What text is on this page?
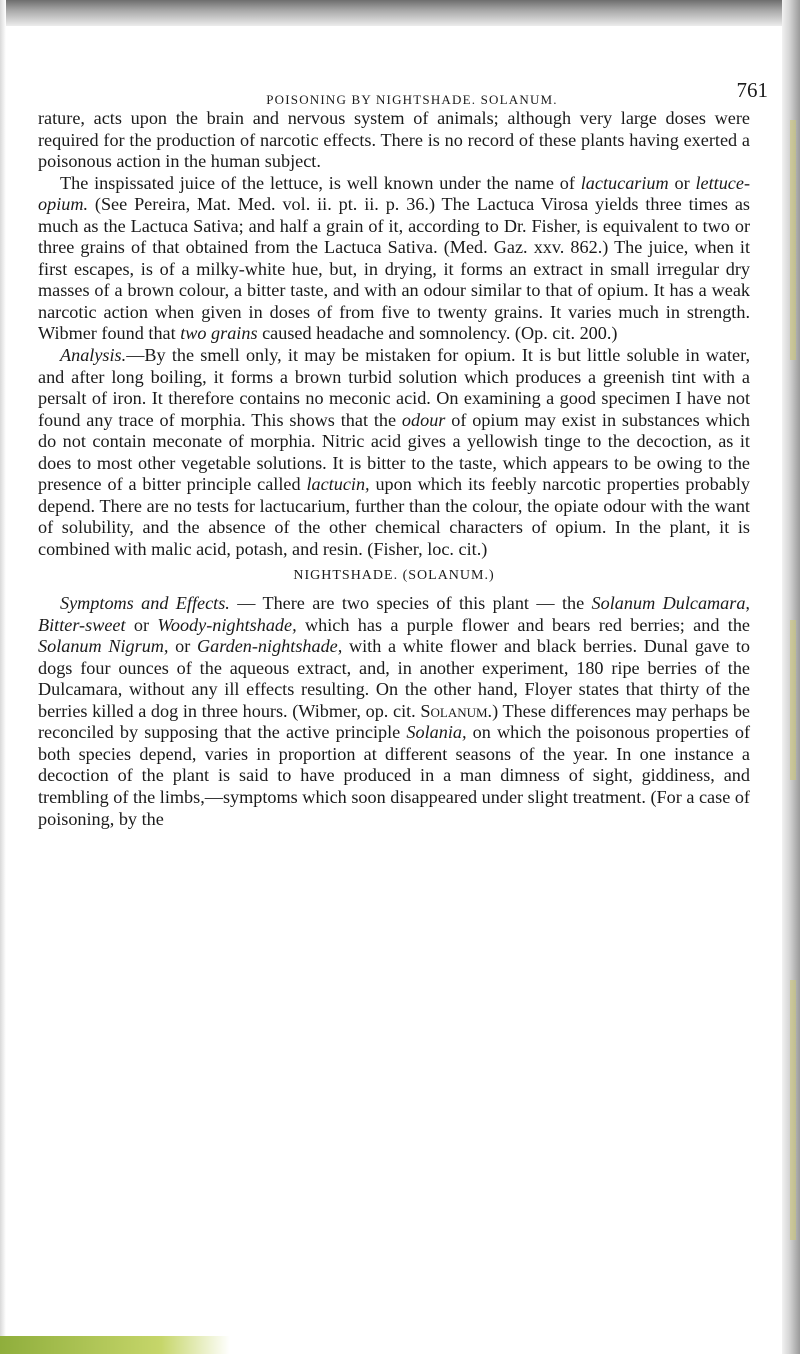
POISONING BY NIGHTSHADE. SOLANUM.	761

rature, acts upon the brain and nervous system of animals; although very large doses were required for the production of narcotic effects. There is no record of these plants having exerted a poisonous action in the human subject.

The inspissated juice of the lettuce, is well known under the name of lactucarium or lettuce-opium. (See Pereira, Mat. Med. vol. ii. pt. ii. p. 36.) The Lactuca Virosa yields three times as much as the Lactuca Sativa; and half a grain of it, according to Dr. Fisher, is equivalent to two or three grains of that obtained from the Lactuca Sativa. (Med. Gaz. xxv. 862.) The juice, when it first escapes, is of a milky-white hue, but, in drying, it forms an extract in small irregular dry masses of a brown colour, a bitter taste, and with an odour similar to that of opium. It has a weak narcotic action when given in doses of from five to twenty grains. It varies much in strength. Wibmer found that two grains caused headache and somnolency. (Op. cit. 200.)

Analysis.—By the smell only, it may be mistaken for opium. It is but little soluble in water, and after long boiling, it forms a brown turbid solution which produces a greenish tint with a persalt of iron. It therefore contains no meconic acid. On examining a good specimen I have not found any trace of morphia. This shows that the odour of opium may exist in substances which do not contain meconate of morphia. Nitric acid gives a yellowish tinge to the decoction, as it does to most other vegetable solutions. It is bitter to the taste, which appears to be owing to the presence of a bitter principle called lactucin, upon which its feebly narcotic properties probably depend. There are no tests for lactucarium, further than the colour, the opiate odour with the want of solubility, and the absence of the other chemical characters of opium. In the plant, it is combined with malic acid, potash, and resin. (Fisher, loc. cit.)

NIGHTSHADE. (SOLANUM.)

Symptoms and Effects. — There are two species of this plant — the Solanum Dulcamara, Bitter-sweet or Woody-nightshade, which has a purple flower and bears red berries; and the Solanum Nigrum, or Garden-nightshade, with a white flower and black berries. Dunal gave to dogs four ounces of the aqueous extract, and, in another experiment, 180 ripe berries of the Dulcamara, without any ill effects resulting. On the other hand, Floyer states that thirty of the berries killed a dog in three hours. (Wibmer, op. cit. Solanum.) These differences may perhaps be reconciled by supposing that the active principle Solania, on which the poisonous properties of both species depend, varies in proportion at different seasons of the year. In one instance a decoction of the plant is said to have produced in a man dimness of sight, giddiness, and trembling of the limbs,—symptoms which soon disappeared under slight treatment. (For a case of poisoning, by the
